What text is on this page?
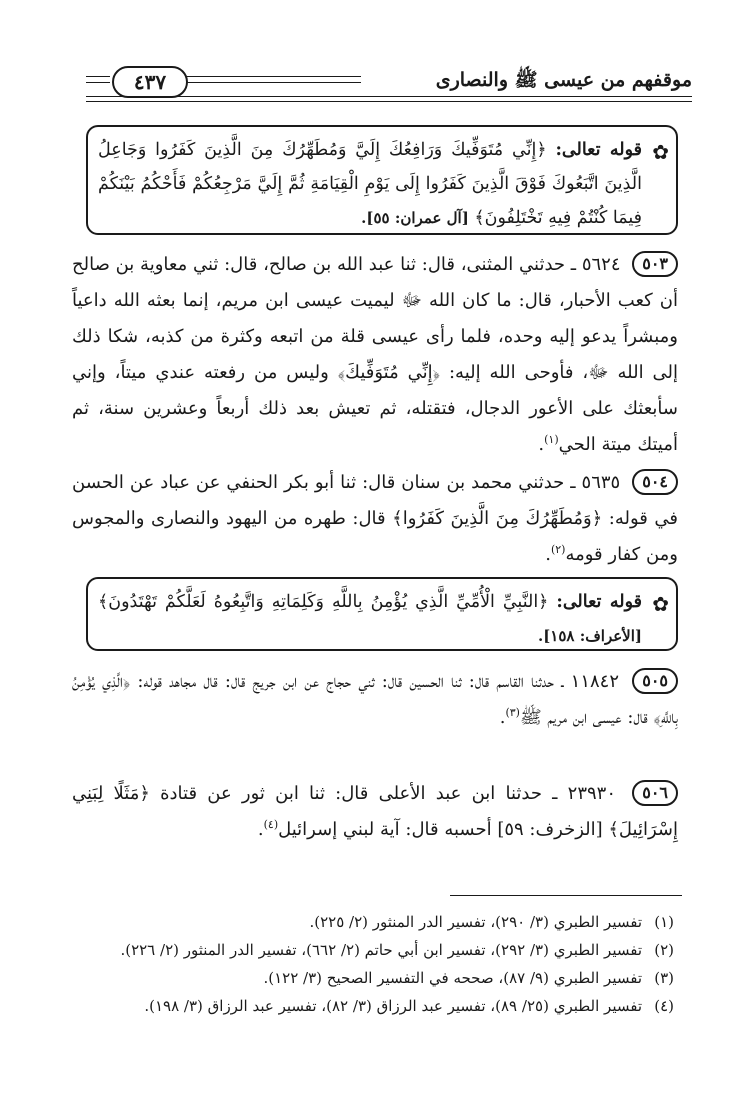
٤٣٧	موقفهم من عيسى ﷺ والنصارى
✿
قوله تعالى: ﴿إِنِّي مُتَوَفِّيكَ وَرَافِعُكَ إِلَيَّ وَمُطَهِّرُكَ مِنَ الَّذِينَ كَفَرُوا وَجَاعِلُ الَّذِينَ اتَّبَعُوكَ فَوْقَ الَّذِينَ كَفَرُوا إِلَى يَوْمِ الْقِيَامَةِ ثُمَّ إِلَيَّ مَرْجِعُكُمْ فَأَحْكُمُ بَيْنَكُمْ فِيمَا كُنْتُمْ فِيهِ تَخْتَلِفُونَ﴾ [آل عمران: ٥٥].
٥٠٣ ٥٦٢٤ ـ حدثني المثنى، قال: ثنا عبد الله بن صالح، قال: ثني معاوية بن صالح أن كعب الأحبار، قال: ما كان الله ﷻ ليميت عيسى ابن مريم، إنما بعثه الله داعياً ومبشراً يدعو إليه وحده، فلما رأى عيسى قلة من اتبعه وكثرة من كذبه، شكا ذلك إلى الله ﷻ، فأوحى الله إليه: ﴿إِنِّي مُتَوَفِّيكَ﴾ وليس من رفعته عندي ميتاً، وإني سأبعثك على الأعور الدجال، فتقتله، ثم تعيش بعد ذلك أربعاً وعشرين سنة، ثم أميتك ميتة الحي$^{(١)}$.
٥٠٤ ٥٦٣٥ ـ حدثني محمد بن سنان قال: ثنا أبو بكر الحنفي عن عباد عن الحسن في قوله: ﴿وَمُطَهِّرُكَ مِنَ الَّذِينَ كَفَرُوا﴾ قال: طهره من اليهود والنصارى والمجوس ومن كفار قومه$^{(٢)}$.
✿
قوله تعالى: ﴿النَّبِيِّ الْأُمِّيِّ الَّذِي يُؤْمِنُ بِاللَّهِ وَكَلِمَاتِهِ وَاتَّبِعُوهُ لَعَلَّكُمْ تَهْتَدُونَ﴾ [الأعراف: ١٥٨].
٥٠٥ ١١٨٤٢ ـ حدثنا القاسم قال: ثنا الحسين قال: ثني حجاج عن ابن جريج قال: قال مجاهد قوله: ﴿الَّذِي يُؤْمِنُ بِاللَّهِ﴾ قال: عيسى ابن مريم ﷺ$^{(٣)}$.
٥٠٦ ٢٣٩٣٠ ـ حدثنا ابن عبد الأعلى قال: ثنا ابن ثور عن قتادة ﴿مَثَلًا لِبَنِي إِسْرَائِيلَ﴾ [الزخرف: ٥٩] أحسبه قال: آية لبني إسرائيل$^{(٤)}$.
(١)
تفسير الطبري (٣/ ٢٩٠)، تفسير الدر المنثور (٢/ ٢٢٥).
(٢)
تفسير الطبري (٣/ ٢٩٢)، تفسير ابن أبي حاتم (٢/ ٦٦٢)، تفسير الدر المنثور (٢/ ٢٢٦).
(٣)
تفسير الطبري (٩/ ٨٧)، صححه في التفسير الصحيح (٣/ ١٢٢).
(٤)
تفسير الطبري (٢٥/ ٨٩)، تفسير عبد الرزاق (٣/ ٨٢)، تفسير عبد الرزاق (٣/ ١٩٨).
